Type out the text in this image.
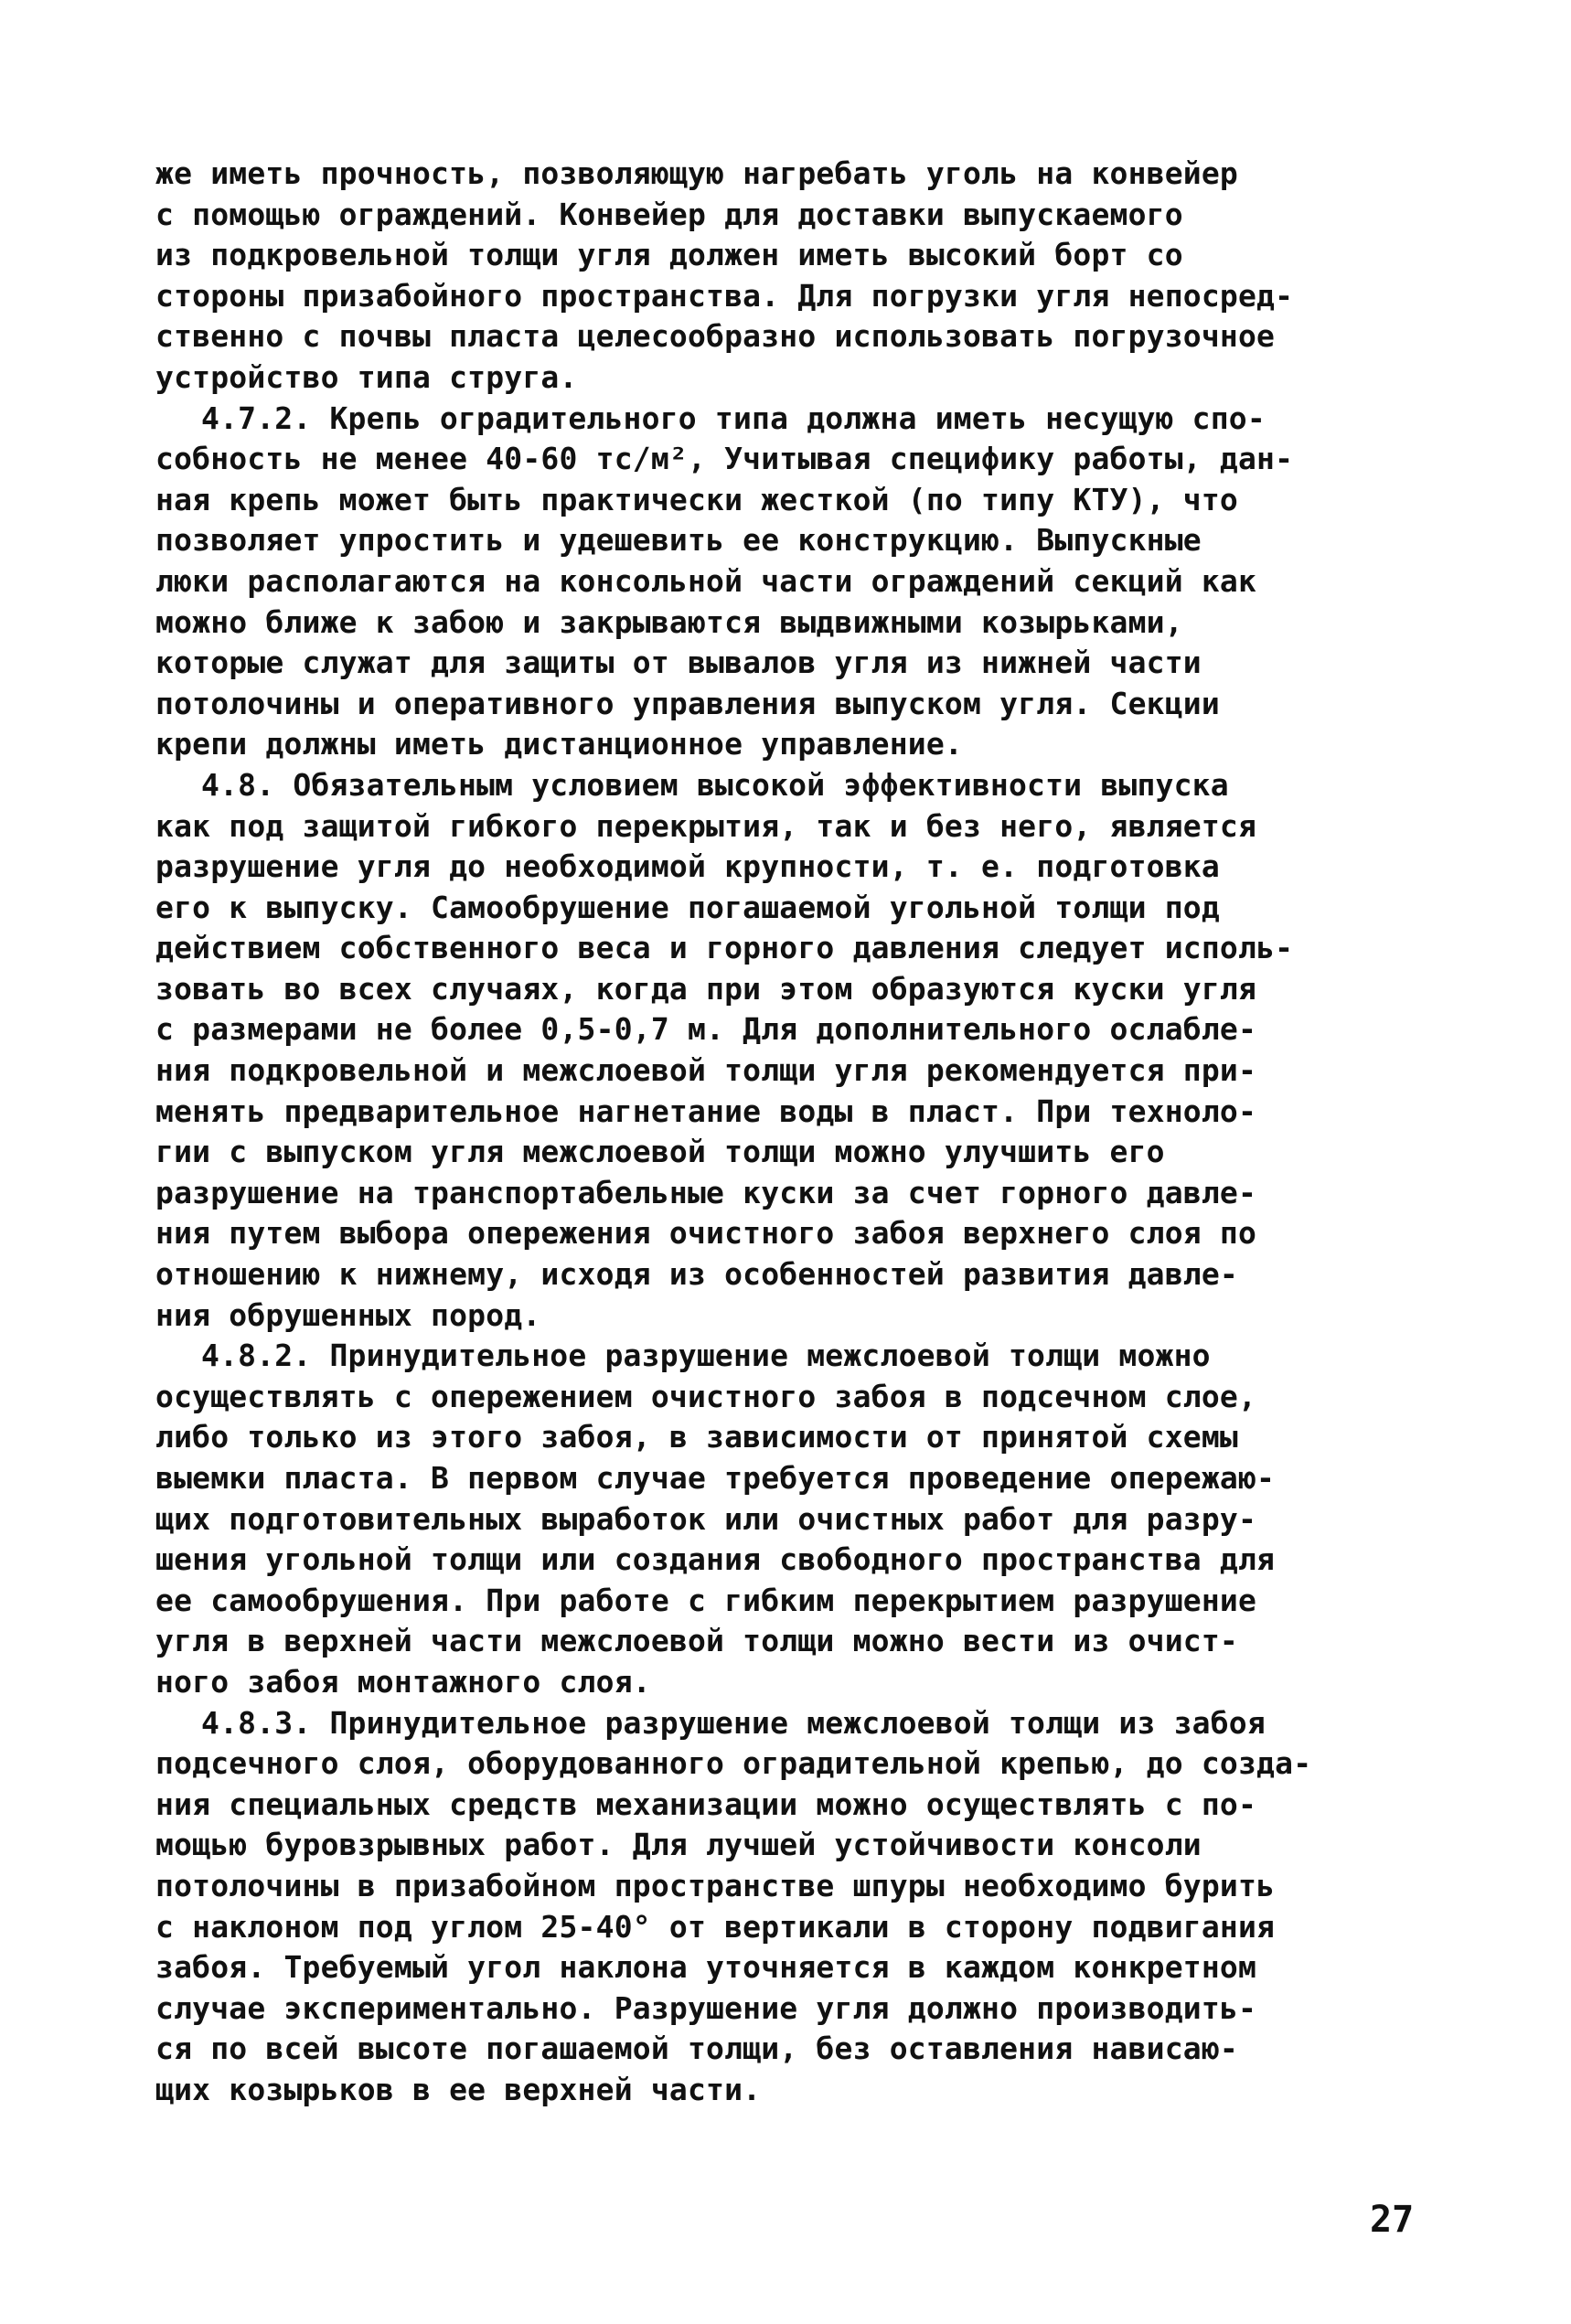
же иметь прочность, позволяющую нагребать уголь на конвейер
с помощью ограждений. Конвейер для доставки выпускаемого
из подкровельной толщи угля должен иметь высокий борт со
стороны призабойного пространства. Для погрузки угля непосред-
ственно с почвы пласта целесообразно использовать погрузочное
устройство типа струга.
4.7.2. Крепь оградительного типа должна иметь несущую спо-
собность не менее 40-60 тс/м², Учитывая специфику работы, дан-
ная крепь может быть практически жесткой (по типу КТУ), что
позволяет упростить и удешевить ее конструкцию. Выпускные
люки располагаются на консольной части ограждений секций как
можно ближе к забою и закрываются выдвижными козырьками,
которые служат для защиты от вывалов угля из нижней части
потолочины и оперативного управления выпуском угля. Секции
крепи должны иметь дистанционное управление.
4.8. Обязательным условием высокой эффективности выпуска
как под защитой гибкого перекрытия, так и без него, является
разрушение угля до необходимой крупности, т. е. подготовка
его к выпуску. Самообрушение погашаемой угольной толщи под
действием собственного веса и горного давления следует исполь-
зовать во всех случаях, когда при этом образуются куски угля
с размерами не более 0,5-0,7 м. Для дополнительного ослабле-
ния подкровельной и межслоевой толщи угля рекомендуется при-
менять предварительное нагнетание воды в пласт. При техноло-
гии с выпуском угля межслоевой толщи можно улучшить его
разрушение на транспортабельные куски за счет горного давле-
ния путем выбора опережения очистного забоя верхнего слоя по
отношению к нижнему, исходя из особенностей развития давле-
ния обрушенных пород.
4.8.2. Принудительное разрушение межслоевой толщи можно
осуществлять с опережением очистного забоя в подсечном слое,
либо только из этого забоя, в зависимости от принятой схемы
выемки пласта. В первом случае требуется проведение опережаю-
щих подготовительных выработок или очистных работ для разру-
шения угольной толщи или создания свободного пространства для
ее самообрушения. При работе с гибким перекрытием разрушение
угля в верхней части межслоевой толщи можно вести из очист-
ного забоя монтажного слоя.
4.8.3. Принудительное разрушение межслоевой толщи из забоя
подсечного слоя, оборудованного оградительной крепью, до созда-
ния специальных средств механизации можно осуществлять с по-
мощью буровзрывных работ. Для лучшей устойчивости консоли
потолочины в призабойном пространстве шпуры необходимо бурить
с наклоном под углом 25-40° от вертикали в сторону подвигания
забоя. Требуемый угол наклона уточняется в каждом конкретном
случае экспериментально. Разрушение угля должно производить-
ся по всей высоте погашаемой толщи, без оставления нависаю-
щих козырьков в ее верхней части.
27
